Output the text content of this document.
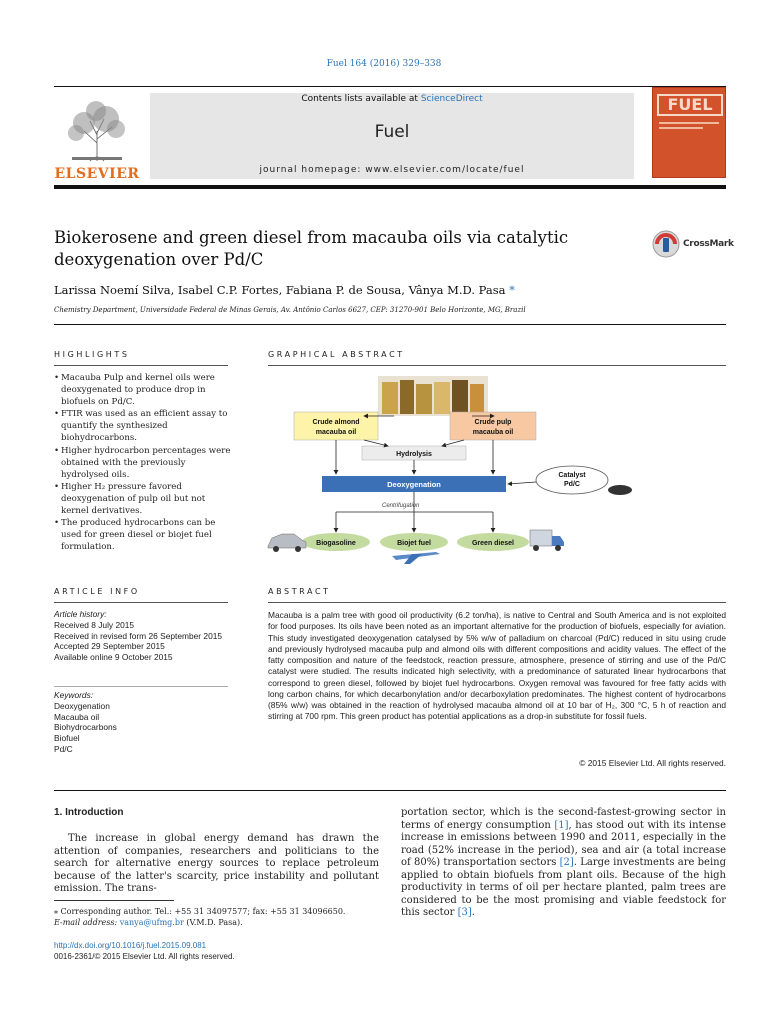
Fuel 164 (2016) 329–338
ELSEVIER
Contents lists available at ScienceDirect
Fuel
journal homepage: www.elsevier.com/locate/fuel
FUEL
Biokerosene and green diesel from macauba oils via catalytic deoxygenation over Pd/C
CrossMark
Larissa Noemí Silva, Isabel C.P. Fortes, Fabiana P. de Sousa, Vânya M.D. Pasa *
Chemistry Department, Universidade Federal de Minas Gerais, Av. Antônio Carlos 6627, CEP: 31270-901 Belo Horizonte, MG, Brazil
HIGHLIGHTS
• Macauba Pulp and kernel oils were deoxygenated to produce drop in biofuels on Pd/C.
• FTIR was used as an efficient assay to quantify the synthesized biohydrocarbons.
• Higher hydrocarbon percentages were obtained with the previously hydrolysed oils.
• Higher H₂ pressure favored deoxygenation of pulp oil but not kernel derivatives.
• The produced hydrocarbons can be used for green diesel or biojet fuel formulation.
GRAPHICAL ABSTRACT
Crude almond
macauba oil
Crude pulp
macauba oil
Hydrolysis
Deoxygenation
Catalyst
Pd/C
Centrifugation
Biogasoline	Biojet fuel	Green diesel
ARTICLE INFO
Article history:
Received 8 July 2015
Received in revised form 26 September 2015
Accepted 29 September 2015
Available online 9 October 2015
Keywords:
Deoxygenation
Macauba oil
Biohydrocarbons
Biofuel
Pd/C
ABSTRACT
Macauba is a palm tree with good oil productivity (6.2 ton/ha), is native to Central and South America and is not exploited for food purposes. Its oils have been noted as an important alternative for the production of biofuels, especially for aviation. This study investigated deoxygenation catalysed by 5% w/w of palladium on charcoal (Pd/C) reduced in situ using crude and previously hydrolysed macauba pulp and almond oils with different compositions and acidity values. The effect of the fatty composition and nature of the feedstock, reaction pressure, atmosphere, presence of stirring and use of the Pd/C catalyst were studied. The results indicated high selectivity, with a predominance of saturated linear hydrocarbons that correspond to green diesel, followed by biojet fuel hydrocarbons. Oxygen removal was favoured for free fatty acids with long carbon chains, for which decarbonylation and/or decarboxylation predominates. The highest content of hydrocarbons (85% w/w) was obtained in the reaction of hydrolysed macauba almond oil at 10 bar of H₂, 300 °C, 5 h of reaction and stirring at 700 rpm. This green product has potential applications as a drop-in substitute for fossil fuels.
© 2015 Elsevier Ltd. All rights reserved.
1. Introduction
The increase in global energy demand has drawn the attention of companies, researchers and politicians to the search for alternative energy sources to replace petroleum because of the latter's scarcity, price instability and pollutant emission. The trans-
portation sector, which is the second-fastest-growing sector in terms of energy consumption [1], has stood out with its intense increase in emissions between 1990 and 2011, especially in the road (52% increase in the period), sea and air (a total increase of 80%) transportation sectors [2]. Large investments are being applied to obtain biofuels from plant oils. Because of the high productivity in terms of oil per hectare planted, palm trees are considered to be the most promising and viable feedstock for this sector [3].
⁎ Corresponding author. Tel.: +55 31 34097577; fax: +55 31 34096650.
E-mail address: vanya@ufmg.br (V.M.D. Pasa).
http://dx.doi.org/10.1016/j.fuel.2015.09.081
0016-2361/© 2015 Elsevier Ltd. All rights reserved.
